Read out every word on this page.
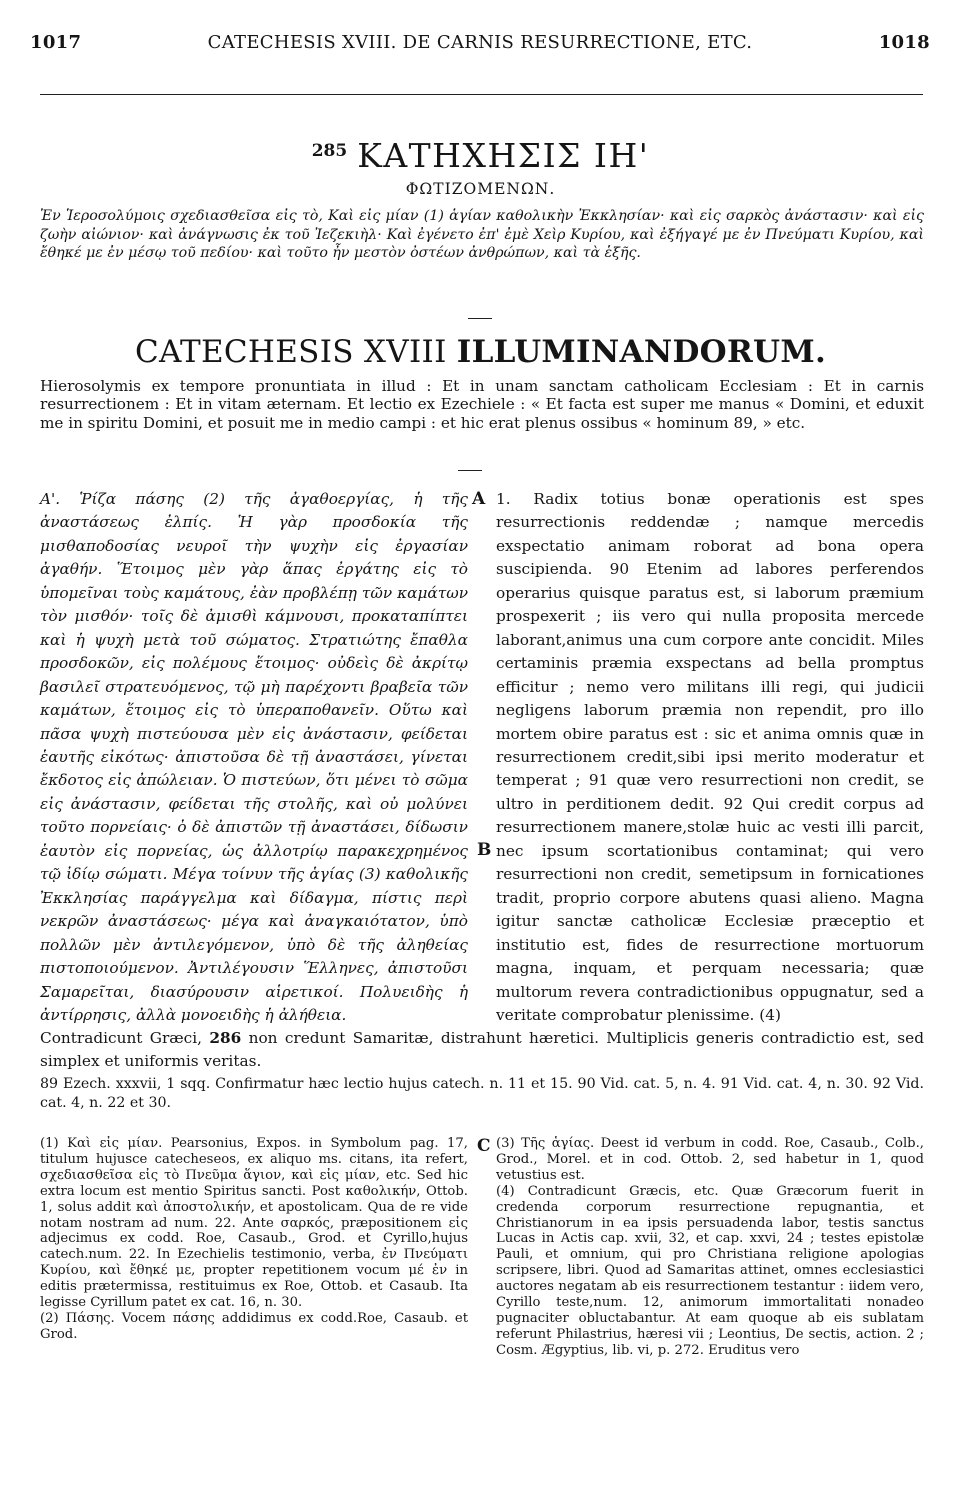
1017	CATECHESIS XVIII. DE CARNIS RESURRECTIONE, ETC.	1018
$^{285}$ ΚΑΤΗΧΗΣΙΣ ΙΗ'
ΦΩΤΙΖΟΜΕΝΩΝ.
Ἐν Ἱεροσολύμοις σχεδιασθεῖσα εἰς τὸ, Καὶ εἰς μίαν (1) ἁγίαν καθολικὴν Ἐκκλησίαν· καὶ εἰς σαρκὸς ἀνάστασιν· καὶ εἰς ζωὴν αἰώνιον· καὶ ἀνάγνωσις ἐκ τοῦ Ἰεζεκιὴλ· Καὶ ἐγένετο ἐπ' ἐμὲ Χεὶρ Κυρίου, καὶ ἐξήγαγέ με ἐν Πνεύματι Κυρίου, καὶ ἔθηκέ με ἐν μέσῳ τοῦ πεδίου· καὶ τοῦτο ἦν μεστὸν ὀστέων ἀνθρώπων, καὶ τὰ ἑξῆς.
CATECHESIS XVIII ILLUMINANDORUM.
Hierosolymis ex tempore pronuntiata in illud : Et in unam sanctam catholicam Ecclesiam : Et in carnis resurrectionem : Et in vitam æternam. Et lectio ex Ezechiele : « Et facta est super me manus « Domini, et eduxit me in spiritu Domini, et posuit me in medio campi : et hic erat plenus ossibus « hominum 89, » etc.
Α'. Ῥίζα πάσης (2) τῆς ἀγαθοεργίας, ἡ τῆς ἀναστάσεως ἐλπίς. Ἡ γὰρ προσδοκία τῆς μισθαποδοσίας νευροῖ τὴν ψυχὴν εἰς ἐργασίαν ἀγαθήν. Ἕτοιμος μὲν γὰρ ἅπας ἐργάτης εἰς τὸ ὑπομεῖναι τοὺς καμάτους, ἐὰν προβλέπῃ τῶν καμάτων τὸν μισθόν· τοῖς δὲ ἀμισθὶ κάμνουσι, προκαταπίπτει καὶ ἡ ψυχὴ μετὰ τοῦ σώματος. Στρατιώτης ἔπαθλα προσδοκῶν, εἰς πολέμους ἕτοιμος· οὐδεὶς δὲ ἀκρίτῳ βασιλεῖ στρατευόμενος, τῷ μὴ παρέχοντι βραβεῖα τῶν καμάτων, ἕτοιμος εἰς τὸ ὑπεραποθανεῖν. Οὕτω καὶ πᾶσα ψυχὴ πιστεύουσα μὲν εἰς ἀνάστασιν, φείδεται ἑαυτῆς εἰκότως· ἀπιστοῦσα δὲ τῇ ἀναστάσει, γίνεται ἔκδοτος εἰς ἀπώλειαν. Ὁ πιστεύων, ὅτι μένει τὸ σῶμα εἰς ἀνάστασιν, φείδεται τῆς στολῆς, καὶ οὐ μολύνει τοῦτο πορνείαις· ὁ δὲ ἀπιστῶν τῇ ἀναστάσει, δίδωσιν ἑαυτὸν εἰς πορνείας, ὡς ἀλλοτρίῳ παρακεχρημένος τῷ ἰδίῳ σώματι. Μέγα τοίνυν τῆς ἁγίας (3) καθολικῆς Ἐκκλησίας παράγγελμα καὶ δίδαγμα, πίστις περὶ νεκρῶν ἀναστάσεως· μέγα καὶ ἀναγκαιότατον, ὑπὸ πολλῶν μὲν ἀντιλεγόμενον, ὑπὸ δὲ τῆς ἀληθείας πιστοποιούμενον. Ἀντιλέγουσιν Ἕλληνες, ἀπιστοῦσι Σαμαρεῖται, διασύρουσιν αἱρετικοί. Πολυειδὴς ἡ ἀντίρρησις, ἀλλὰ μονοειδὴς ἡ ἀλήθεια.
A
B
1. Radix totius bonæ operationis est spes resurrectionis reddendæ ; namque mercedis exspectatio animam roborat ad bona opera suscipienda. 90 Etenim ad labores perferendos operarius quisque paratus est, si laborum præmium prospexerit ; iis vero qui nulla proposita mercede laborant,animus una cum corpore ante concidit. Miles certaminis præmia exspectans ad bella promptus efficitur ; nemo vero militans illi regi, qui judicii negligens laborum præmia non rependit, pro illo mortem obire paratus est : sic et anima omnis quæ in resurrectionem credit,sibi ipsi merito moderatur et temperat ; 91 quæ vero resurrectioni non credit, se ultro in perditionem dedit. 92 Qui credit corpus ad resurrectionem manere,stolæ huic ac vesti illi parcit, nec ipsum scortationibus contaminat; qui vero resurrectioni non credit, semetipsum in fornicationes tradit, proprio corpore abutens quasi alieno. Magna igitur sanctæ catholicæ Ecclesiæ præceptio et institutio est, fides de resurrectione mortuorum magna, inquam, et perquam necessaria; quæ multorum revera contradictionibus oppugnatur, sed a veritate comprobatur plenissime. (4)
Contradicunt Græci, 286 non credunt Samaritæ, distrahunt hæretici. Multiplicis generis contradictio est, sed simplex et uniformis veritas.

89 Ezech. xxxvii, 1 sqq. Confirmatur hæc lectio hujus catech. n. 11 et 15. 90 Vid. cat. 5, n. 4. 91 Vid. cat. 4, n. 30. 92 Vid. cat. 4, n. 22 et 30.

(1) Καὶ εἰς μίαν. Pearsonius, Expos. in Symbolum pag. 17, titulum hujusce catecheseos, ex aliquo ms. citans, ita refert, σχεδιασθεῖσα εἰς τὸ Πνεῦμα ἅγιον, καὶ εἰς μίαν, etc. Sed hic extra locum est mentio Spiritus sancti. Post καθολικήν, Ottob. 1, solus addit καὶ ἀποστολικήν, et apostolicam. Qua de re vide notam nostram ad num. 22. Ante σαρκός, præpositionem εἰς adjecimus ex codd. Roe, Casaub., Grod. et Cyrillo,hujus catech.num. 22. In Ezechielis testimonio, verba, ἐν Πνεύματι Κυρίου, καὶ ἔθηκέ με, propter repetitionem vocum μέ ἐν in editis prætermissa, restituimus ex Roe, Ottob. et Casaub. Ita legisse Cyrillum patet ex cat. 16, n. 30.

(2) Πάσης. Vocem πάσης addidimus ex codd.Roe, Casaub. et Grod.

C (3) Τῆς ἁγίας. Deest id verbum in codd. Roe, Casaub., Colb., Grod., Morel. et in cod. Ottob. 2, sed habetur in 1, quod vetustius est.

(4) Contradicunt Græcis, etc. Quæ Græcorum fuerit in credenda corporum resurrectione repugnantia, et Christianorum in ea ipsis persuadenda labor, testis sanctus Lucas in Actis cap. xvii, 32, et cap. xxvi, 24 ; testes epistolæ Pauli, et omnium, qui pro Christiana religione apologias scripsere, libri. Quod ad Samaritas attinet, omnes ecclesiastici auctores negatam ab eis resurrectionem testantur : iidem vero, Cyrillo teste,num. 12, animorum immortalitati nonadeo pugnaciter obluctabantur. At eam quoque ab eis sublatam referunt Philastrius, hæresi vii ; Leontius, De sectis, action. 2 ; Cosm. Ægyptius, lib. vi, p. 272. Eruditus vero
